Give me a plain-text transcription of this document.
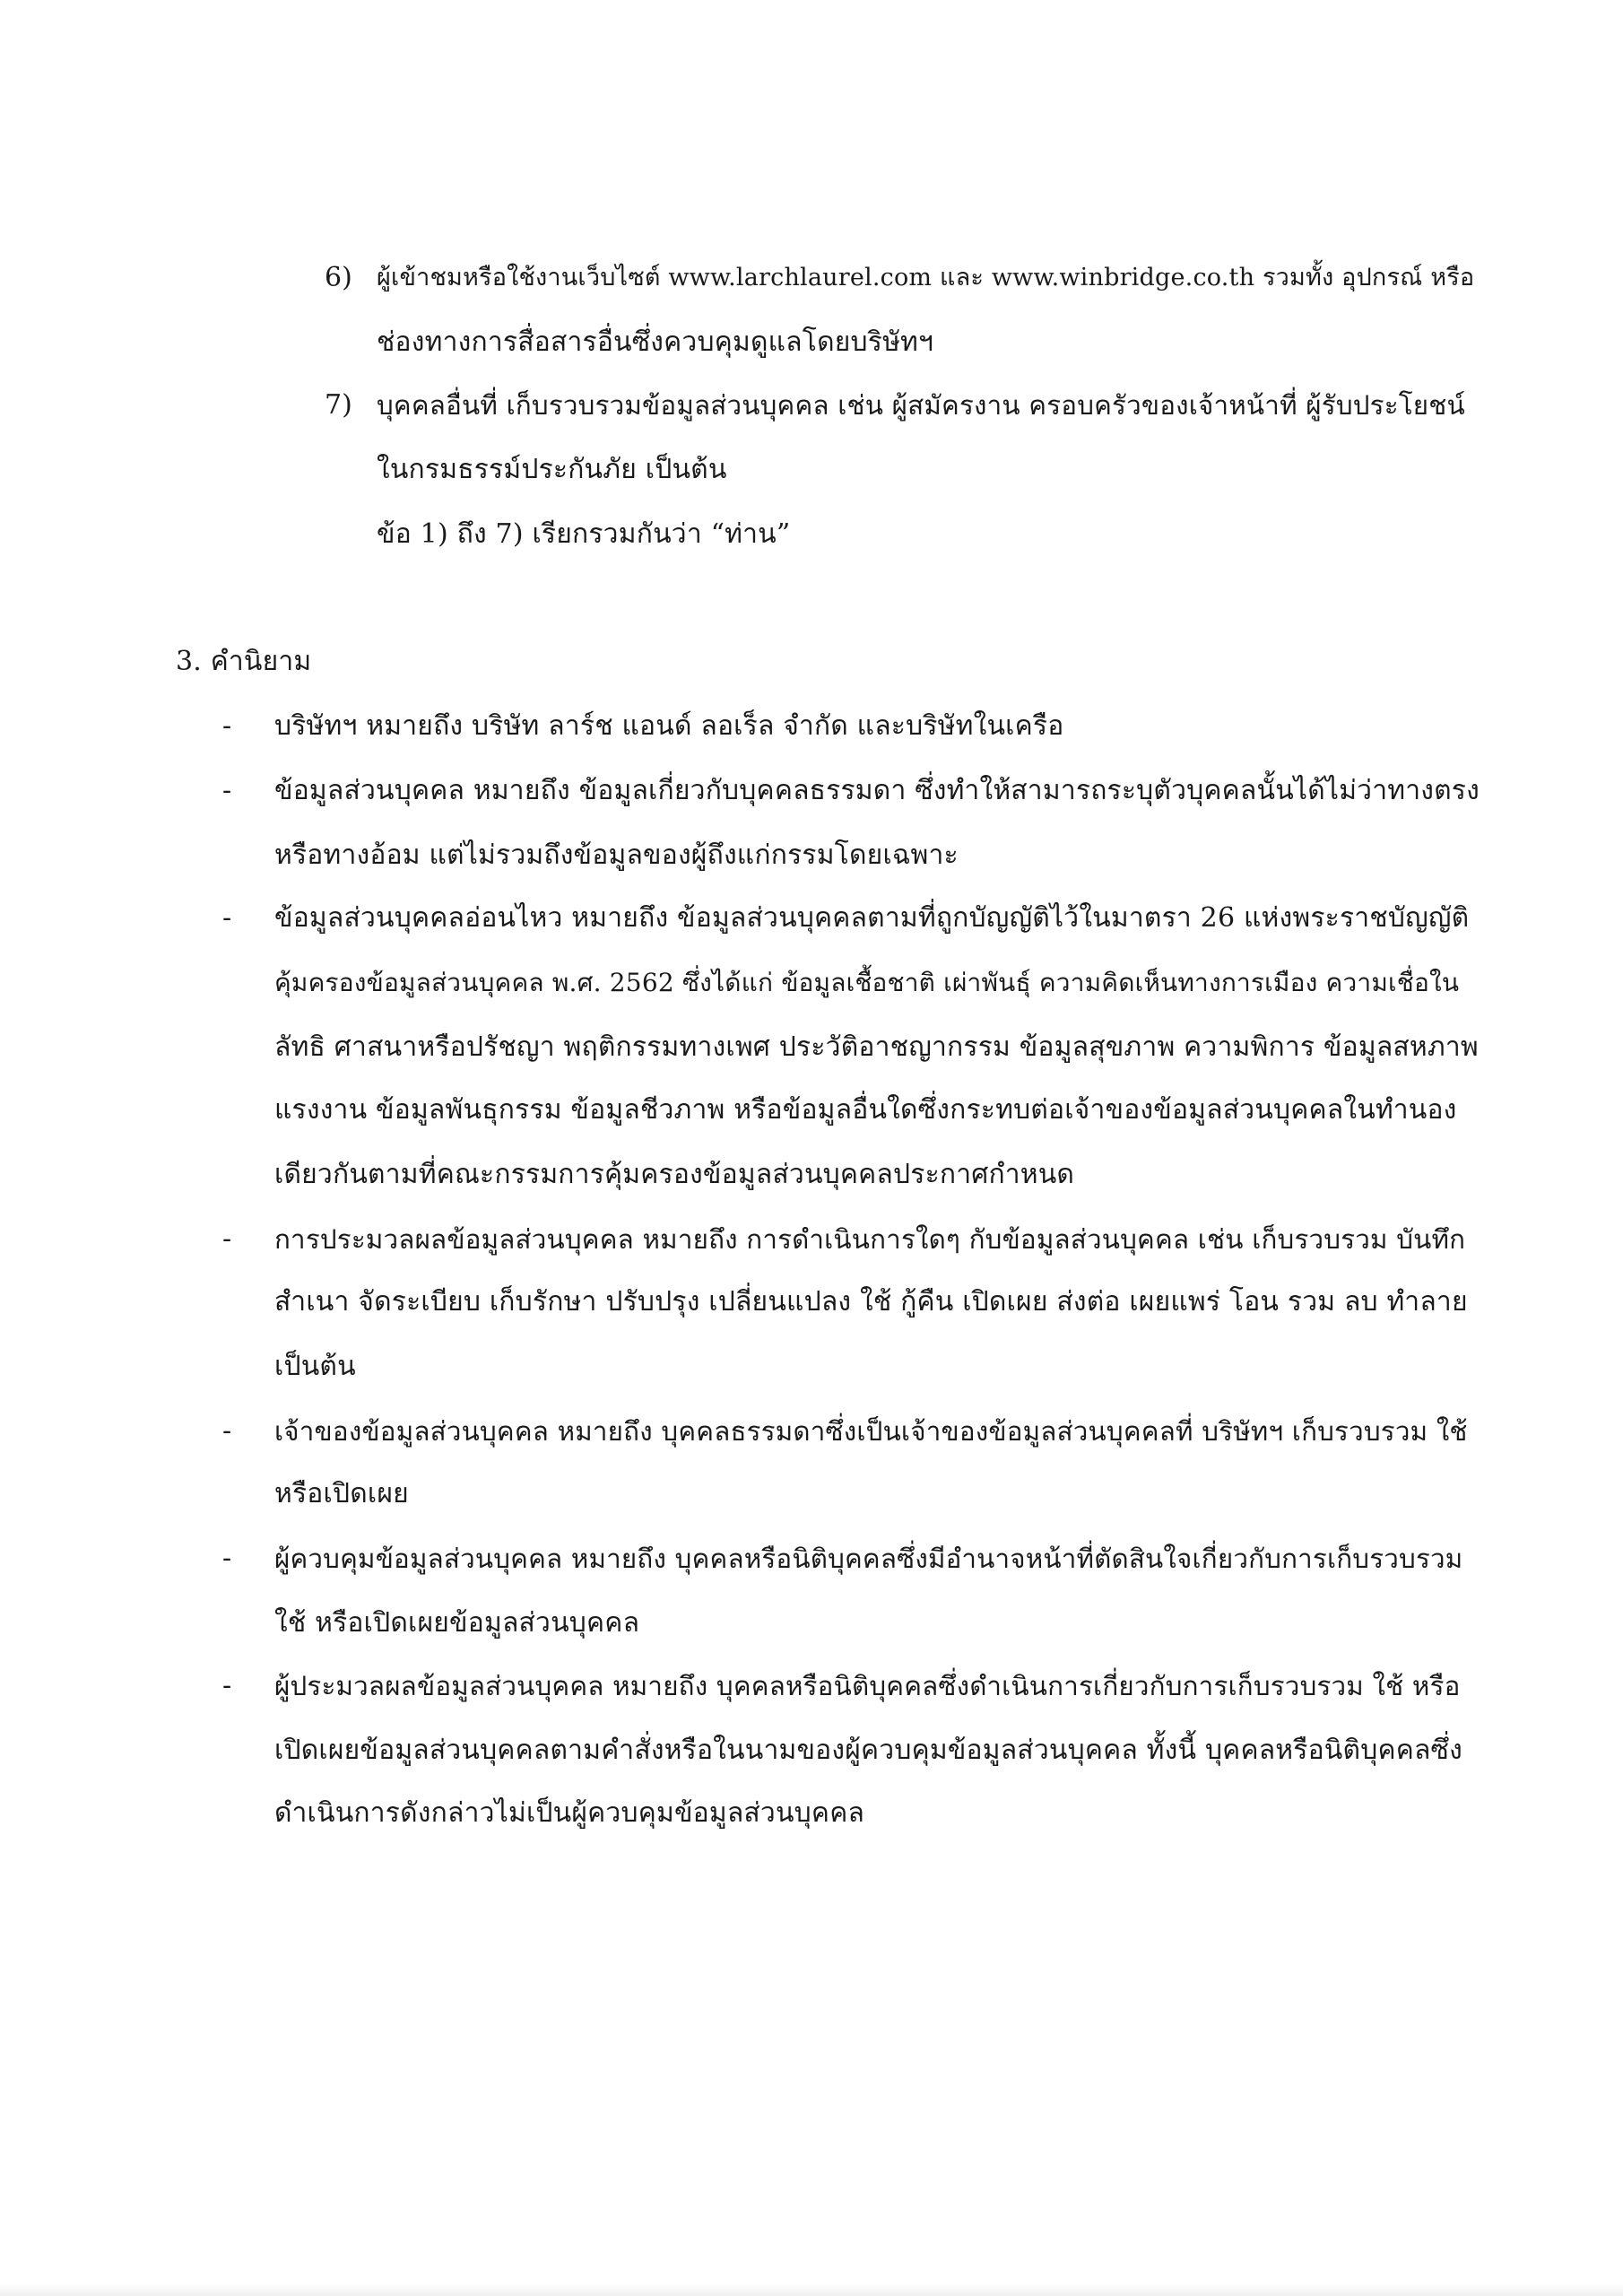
6) ผู้เข้าชมหรือใช้งานเว็บไซต์ www.larchlaurel.com และ www.winbridge.co.th รวมทั้ง อุปกรณ์ หรือ
ช่องทางการสื่อสารอื่นซึ่งควบคุมดูแลโดยบริษัทฯ
7) บุคคลอื่นที่ เก็บรวบรวมข้อมูลส่วนบุคคล เช่น ผู้สมัครงาน ครอบครัวของเจ้าหน้าที่ ผู้รับประโยชน์
ในกรมธรรม์ประกันภัย เป็นต้น
ข้อ 1) ถึง 7) เรียกรวมกันว่า “ท่าน”
3. คำนิยาม
- บริษัทฯ หมายถึง บริษัท ลาร์ช แอนด์ ลอเร็ล จำกัด และบริษัทในเครือ
- ข้อมูลส่วนบุคคล หมายถึง ข้อมูลเกี่ยวกับบุคคลธรรมดา ซึ่งทำให้สามารถระบุตัวบุคคลนั้นได้ไม่ว่าทางตรง
หรือทางอ้อม แต่ไม่รวมถึงข้อมูลของผู้ถึงแก่กรรมโดยเฉพาะ
- ข้อมูลส่วนบุคคลอ่อนไหว หมายถึง ข้อมูลส่วนบุคคลตามที่ถูกบัญญัติไว้ในมาตรา 26 แห่งพระราชบัญญัติ
คุ้มครองข้อมูลส่วนบุคคล พ.ศ. 2562 ซึ่งได้แก่ ข้อมูลเชื้อชาติ เผ่าพันธุ์ ความคิดเห็นทางการเมือง ความเชื่อใน
ลัทธิ ศาสนาหรือปรัชญา พฤติกรรมทางเพศ ประวัติอาชญากรรม ข้อมูลสุขภาพ ความพิการ ข้อมูลสหภาพ
แรงงาน ข้อมูลพันธุกรรม ข้อมูลชีวภาพ หรือข้อมูลอื่นใดซึ่งกระทบต่อเจ้าของข้อมูลส่วนบุคคลในทำนอง
เดียวกันตามที่คณะกรรมการคุ้มครองข้อมูลส่วนบุคคลประกาศกำหนด
- การประมวลผลข้อมูลส่วนบุคคล หมายถึง การดำเนินการใดๆ กับข้อมูลส่วนบุคคล เช่น เก็บรวบรวม บันทึก
สำเนา จัดระเบียบ เก็บรักษา ปรับปรุง เปลี่ยนแปลง ใช้ กู้คืน เปิดเผย ส่งต่อ เผยแพร่ โอน รวม ลบ ทำลาย
เป็นต้น
- เจ้าของข้อมูลส่วนบุคคล หมายถึง บุคคลธรรมดาซึ่งเป็นเจ้าของข้อมูลส่วนบุคคลที่ บริษัทฯ เก็บรวบรวม ใช้
หรือเปิดเผย
- ผู้ควบคุมข้อมูลส่วนบุคคล หมายถึง บุคคลหรือนิติบุคคลซึ่งมีอำนาจหน้าที่ตัดสินใจเกี่ยวกับการเก็บรวบรวม
ใช้ หรือเปิดเผยข้อมูลส่วนบุคคล
- ผู้ประมวลผลข้อมูลส่วนบุคคล หมายถึง บุคคลหรือนิติบุคคลซึ่งดำเนินการเกี่ยวกับการเก็บรวบรวม ใช้ หรือ
เปิดเผยข้อมูลส่วนบุคคลตามคำสั่งหรือในนามของผู้ควบคุมข้อมูลส่วนบุคคล ทั้งนี้ บุคคลหรือนิติบุคคลซึ่ง
ดำเนินการดังกล่าวไม่เป็นผู้ควบคุมข้อมูลส่วนบุคคล
